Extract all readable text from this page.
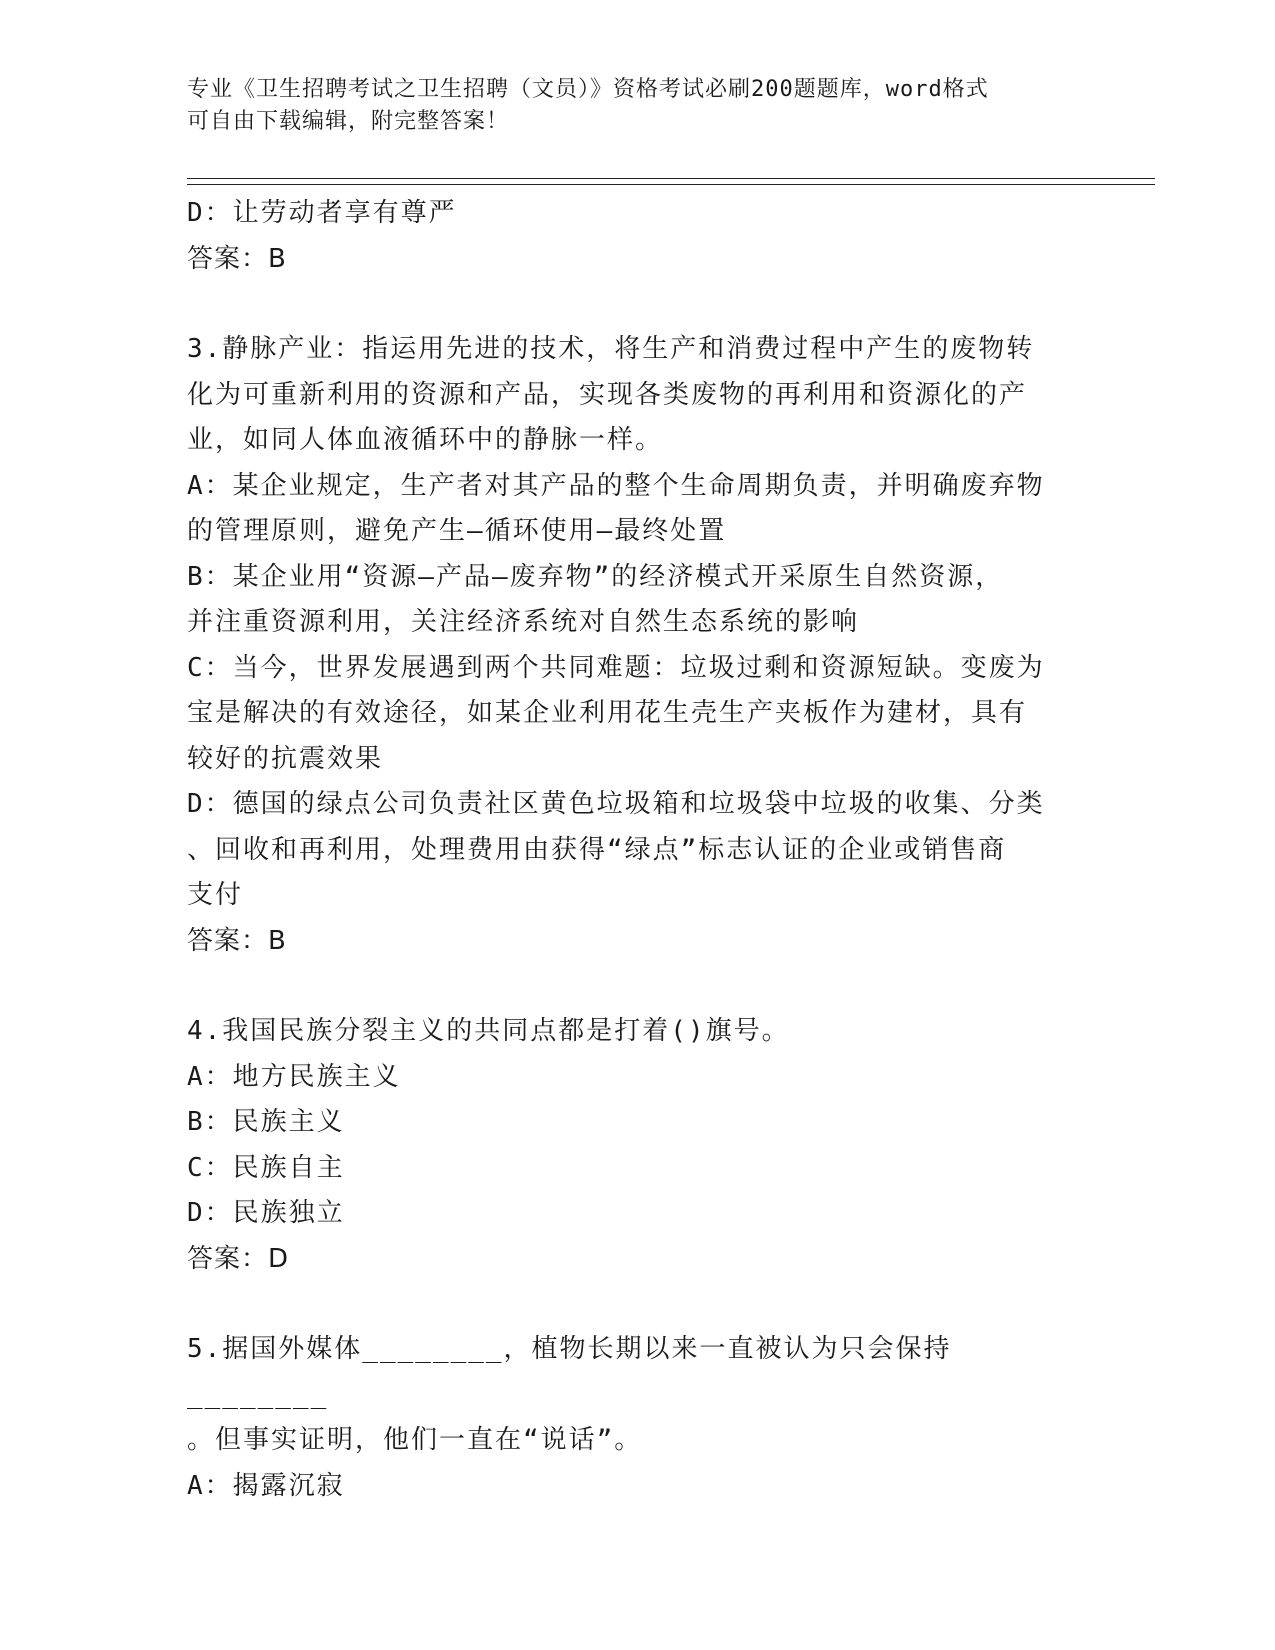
专业《卫生招聘考试之卫生招聘（文员）》资格考试必刷200题题库，word格式
可自由下载编辑，附完整答案！

D：让劳动者享有尊严

答案：B

3.静脉产业：指运用先进的技术，将生产和消费过程中产生的废物转

化为可重新利用的资源和产品，实现各类废物的再利用和资源化的产

业，如同人体血液循环中的静脉一样。

A：某企业规定，生产者对其产品的整个生命周期负责，并明确废弃物

的管理原则，避免产生—循环使用—最终处置

B：某企业用“资源—产品—废弃物”的经济模式开采原生自然资源，

并注重资源利用，关注经济系统对自然生态系统的影响

C：当今，世界发展遇到两个共同难题：垃圾过剩和资源短缺。变废为

宝是解决的有效途径，如某企业利用花生壳生产夹板作为建材，具有

较好的抗震效果

D：德国的绿点公司负责社区黄色垃圾箱和垃圾袋中垃圾的收集、分类

、回收和再利用，处理费用由获得“绿点”标志认证的企业或销售商

支付

答案：B

4.我国民族分裂主义的共同点都是打着()旗号。

A：地方民族主义

B：民族主义

C：民族自主

D：民族独立

答案：D

5.据国外媒体________，植物长期以来一直被认为只会保持________

。但事实证明，他们一直在“说话”。

A：揭露沉寂
